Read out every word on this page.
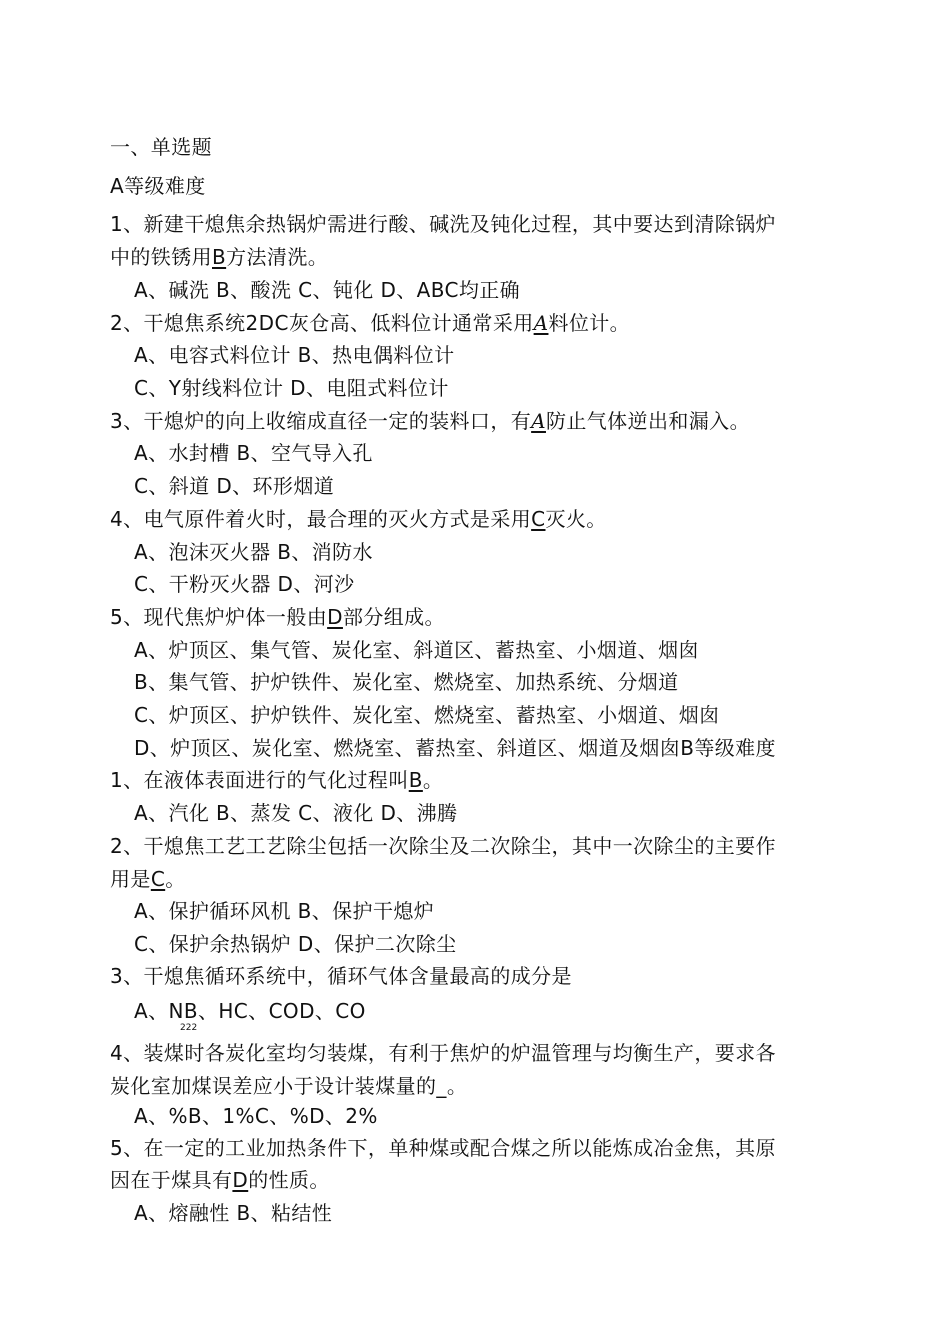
一、单选题
A等级难度
1、新建干熄焦余热锅炉需进行酸、碱洗及钝化过程，其中要达到清除锅炉
中的铁锈用B方法清洗。
A、碱洗 B、酸洗 C、钝化 D、ABC均正确
2、干熄焦系统2DC灰仓高、低料位计通常采用A料位计。
A、电容式料位计 B、热电偶料位计
C、Y射线料位计 D、电阻式料位计
3、干熄炉的向上收缩成直径一定的装料口，有A防止气体逆出和漏入。
A、水封槽 B、空气导入孔
C、斜道 D、环形烟道
4、电气原件着火时，最合理的灭火方式是采用C灭火。
A、泡沫灭火器 B、消防水
C、干粉灭火器 D、河沙
5、现代焦炉炉体一般由D部分组成。
A、炉顶区、集气管、炭化室、斜道区、蓄热室、小烟道、烟囱
B、集气管、护炉铁件、炭化室、燃烧室、加热系统、分烟道
C、炉顶区、护炉铁件、炭化室、燃烧室、蓄热室、小烟道、烟囱
D、炉顶区、炭化室、燃烧室、蓄热室、斜道区、烟道及烟囱B等级难度
1、在液体表面进行的气化过程叫B。
A、汽化 B、蒸发 C、液化 D、沸腾
2、干熄焦工艺工艺除尘包括一次除尘及二次除尘，其中一次除尘的主要作
用是C。
A、保护循环风机 B、保护干熄炉
C、保护余热锅炉 D、保护二次除尘
3、干熄焦循环系统中，循环气体含量最高的成分是
A、NB、HC、COD、CO
222
4、装煤时各炭化室均匀装煤，有利于焦炉的炉温管理与均衡生产，要求各
炭化室加煤误差应小于设计装煤量的_。
A、%B、1%C、%D、2%
5、在一定的工业加热条件下，单种煤或配合煤之所以能炼成冶金焦，其原
因在于煤具有D的性质。
A、熔融性 B、粘结性
